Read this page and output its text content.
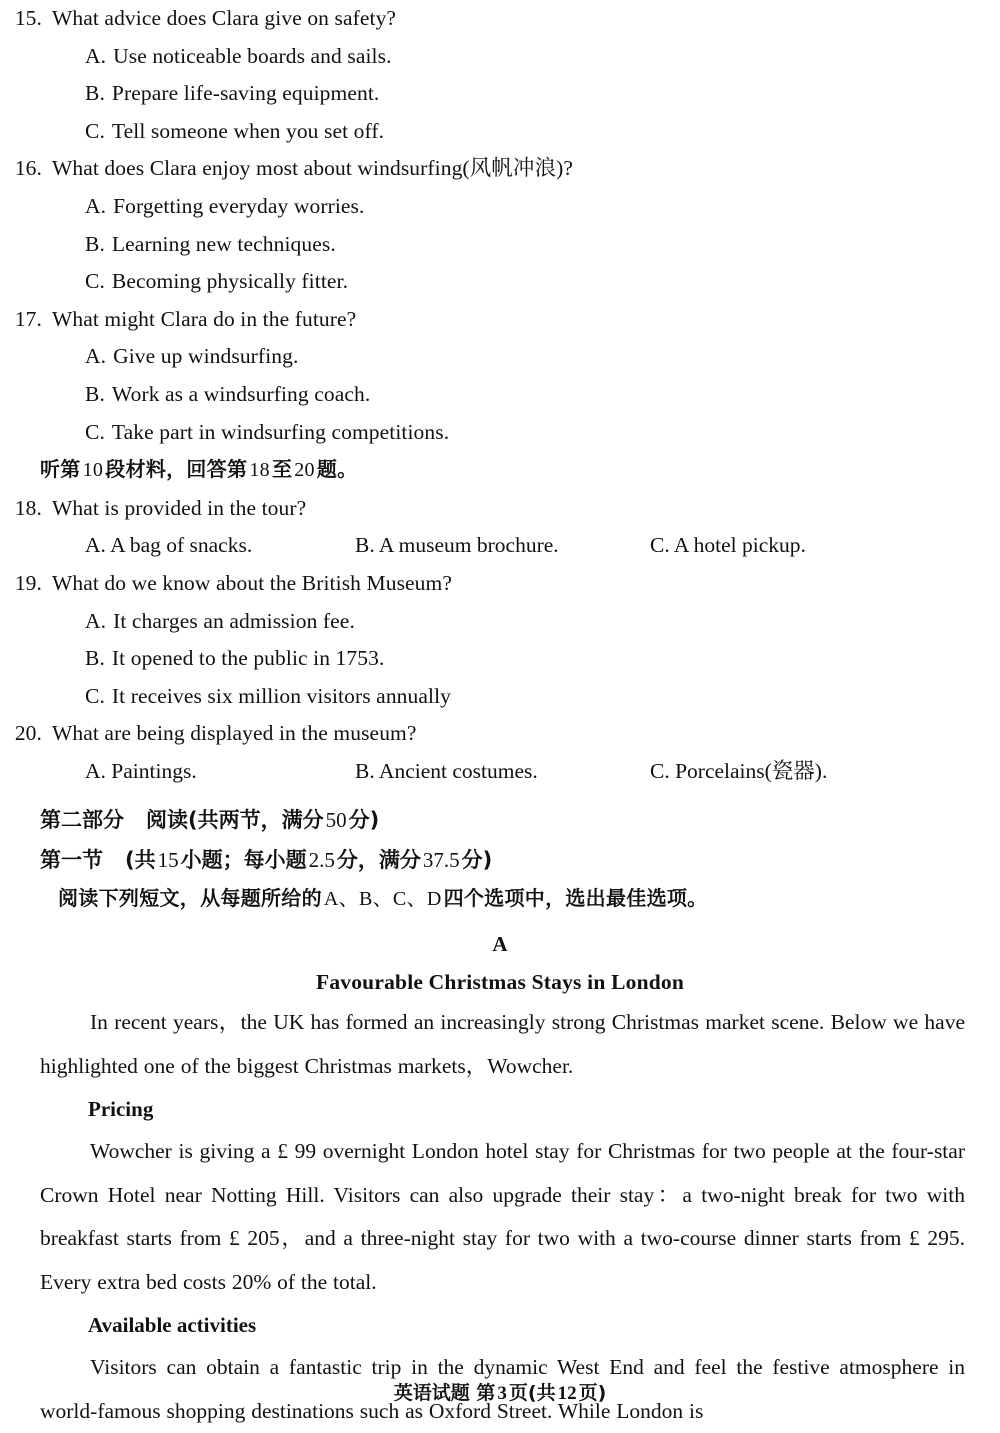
15. What advice does Clara give on safety?
A. Use noticeable boards and sails.
B. Prepare life-saving equipment.
C. Tell someone when you set off.
16. What does Clara enjoy most about windsurfing(风帆冲浪)?
A. Forgetting everyday worries.
B. Learning new techniques.
C. Becoming physically fitter.
17. What might Clara do in the future?
A. Give up windsurfing.
B. Work as a windsurfing coach.
C. Take part in windsurfing competitions.
听第 10 段材料，回答第 18 至 20 题。
18. What is provided in the tour?
A. A bag of snacks.	B. A museum brochure.	C. A hotel pickup.
19. What do we know about the British Museum?
A. It charges an admission fee.
B. It opened to the public in 1753.
C. It receives six million visitors annually
20. What are being displayed in the museum?
A. Paintings.	B. Ancient costumes.	C. Porcelains(瓷器).
第二部分 阅读(共两节，满分50分)
第一节 (共15小题；每小题2.5分，满分37.5分)
阅读下列短文，从每题所给的 A、B、C、D 四个选项中，选出最佳选项。
A
Favourable Christmas Stays in London

In recent years，the UK has formed an increasingly strong Christmas market scene. Below we have highlighted one of the biggest Christmas markets，Wowcher.

Pricing

Wowcher is giving a £ 99 overnight London hotel stay for Christmas for two people at the four-star Crown Hotel near Notting Hill. Visitors can also upgrade their stay：a two-night break for two with breakfast starts from £ 205，and a three-night stay for two with a two-course dinner starts from £ 295. Every extra bed costs 20% of the total.

Available activities

Visitors can obtain a fantastic trip in the dynamic West End and feel the festive atmosphere in world-famous shopping destinations such as Oxford Street. While London is

英语试题 第 3 页(共 12 页)
